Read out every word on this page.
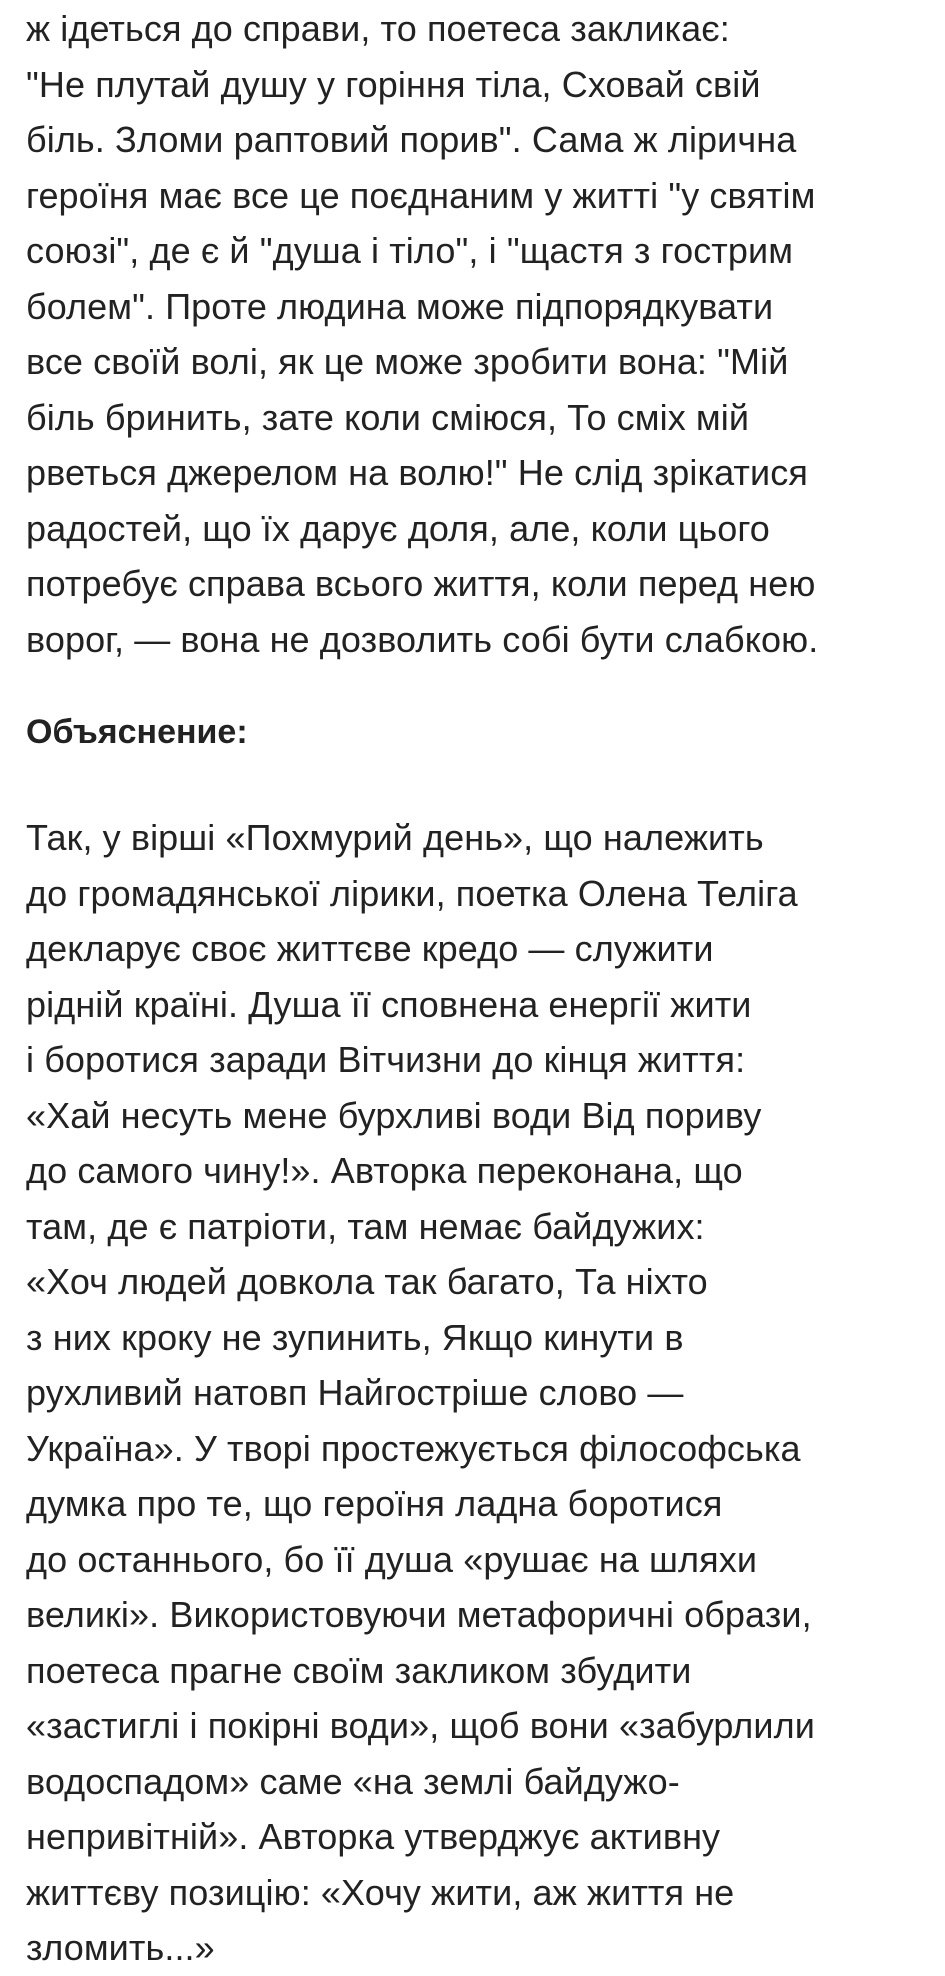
ж ідеться до справи, то поетеса закликає:
"Не плутай душу у горіння тіла, Сховай свій
біль. Зломи раптовий порив". Сама ж лірична
героїня має все це поєднаним у житті "у святім
союзі", де є й "душа і тіло", і "щастя з гострим
болем". Проте людина може підпорядкувати
все своїй волі, як це може зробити вона: "Мій
біль бринить, зате коли сміюся, То сміх мій
рветься джерелом на волю!" Не слід зрікатися
радостей, що їх дарує доля, але, коли цього
потребує справа всього життя, коли перед нею
ворог, — вона не дозволить собі бути слабкою.
Объяснение:
Так, у вірші «Похмурий день», що належить
до громадянської лірики, поетка Олена Теліга
декларує своє життєве кредо — служити
рідній країні. Душа її сповнена енергії жити
і боротися заради Вітчизни до кінця життя:
«Хай несуть мене бурхливі води Від пориву
до самого чину!». Авторка переконана, що
там, де є патріоти, там немає байдужих:
«Хоч людей довкола так багато, Та ніхто
з них кроку не зупинить, Якщо кинути в
рухливий натовп Найгостріше слово —
Україна». У творі простежується філософська
думка про те, що героїня ладна боротися
до останнього, бо її душа «рушає на шляхи
великі». Використовуючи метафоричні образи,
поетеса прагне своїм закликом збудити
«застиглі і покірні води», щоб вони «забурлили
водоспадом» саме «на землі байдужо-
непривітній». Авторка утверджує активну
життєву позицію: «Хочу жити, аж життя не
зломить...»
